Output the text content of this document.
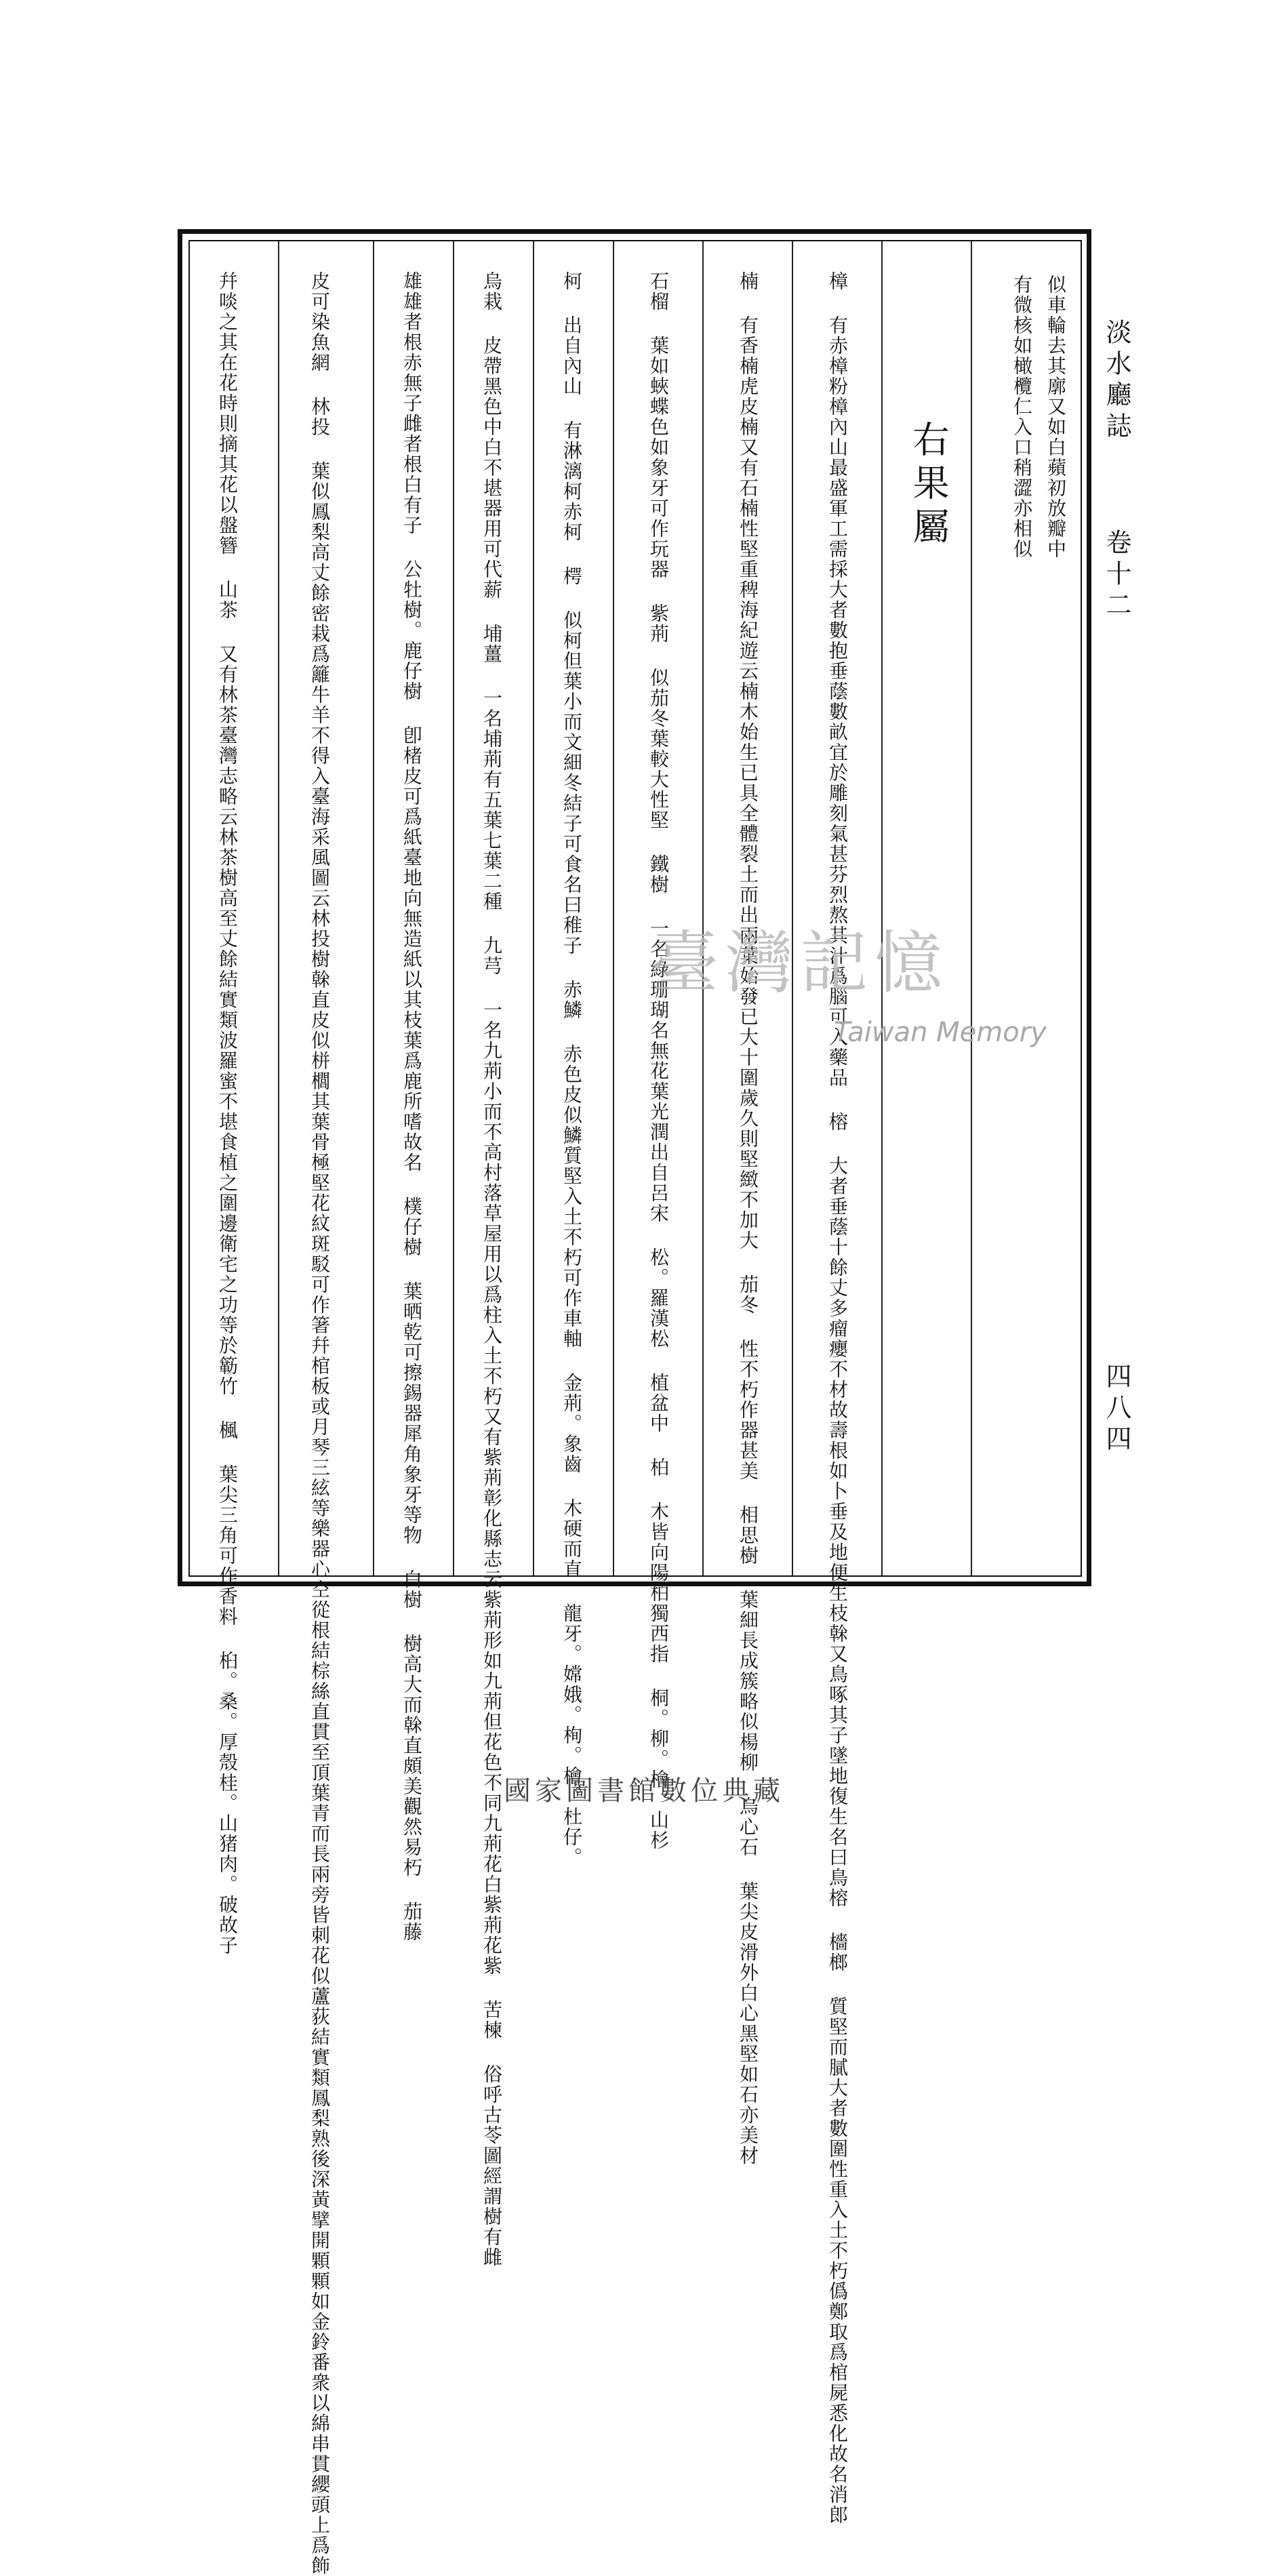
淡水廳誌
卷十二
四八四
似車輪去其廓又如白蘋初放瓣中
有微核如橄欖仁入口稍澀亦相似
右果屬
樟 有赤樟粉樟內山最盛軍工需採大者數抱垂蔭數畝宜於雕刻氣甚芬烈熬其汁爲腦可入藥品 榕 大者垂蔭十餘丈多瘤癭不材故壽根如卜垂及地便生枝榦又鳥啄其子墜地復生名曰鳥榕 檣榔 質堅而膩大者數圍性重入土不朽僞鄭取爲棺屍悉化故名消郎
楠 有香楠虎皮楠又有石楠性堅重稗海紀遊云楠木始生已具全體裂土而出兩葉始發已大十圍歲久則堅緻不加大 茄冬 性不朽作器甚美 相思樹 葉細長成簇略似楊柳 烏心石 葉尖皮滑外白心黑堅如石亦美材
石榴 葉如蛺蝶色如象牙可作玩器 紫荊 似茄冬葉較大性堅 鐵樹 一名綠珊瑚名無花葉光潤出自呂宋 松。羅漢松 植盆中 柏 木皆向陽柏獨西指 桐。柳。檜。山杉
柯 出自內山 有淋漓柯赤柯 㮙 似柯但葉小而文細冬結子可食名曰稚子 赤鱗 赤色皮似鱗質堅入土不朽可作車軸 金荊。象齒 木硬而直 龍牙。嫦娥。栒。檜。杜仔。
烏栽 皮帶黑色中白不堪器用可代薪 埔薑 一名埔荊有五葉七葉二種 九芎 一名九荊小而不高村落草屋用以爲柱入土不朽又有紫荊彰化縣志云紫荊形如九荊但花色不同九荊花白紫荊花紫 苦楝 俗呼古苓圖經謂樹有雌
雄雄者根赤無子雌者根白有子 公牡樹。鹿仔樹 卽楮皮可爲紙臺地向無造紙以其枝葉爲鹿所嗜故名 樸仔樹 葉晒乾可擦錫器犀角象牙等物 白樹 樹高大而榦直頗美觀然易朽 茄藤
皮可染魚網 林投 葉似鳳梨高丈餘密栽爲籬牛羊不得入臺海采風圖云林投樹榦直皮似栟櫚其葉骨極堅花紋斑駁可作箸幷棺板或月琴三絃等樂器心空從根結棕絲直貫至頂葉青而長兩旁皆刺花似蘆荻結實類鳳梨熟後深黃擘開顆顆如金鈴番衆以綿串貫纓頭上爲飾
幷啖之其在花時則摘其花以盤簪 山茶 又有林茶臺灣志略云林茶樹高至丈餘結實類波羅蜜不堪食植之圍邊衛宅之功等於簕竹 楓 葉尖三角可作香料 桕。桑。厚殼桂。山猪肉。破故子	臺灣記憶
Taiwan Memory
國家圖書館數位典藏
